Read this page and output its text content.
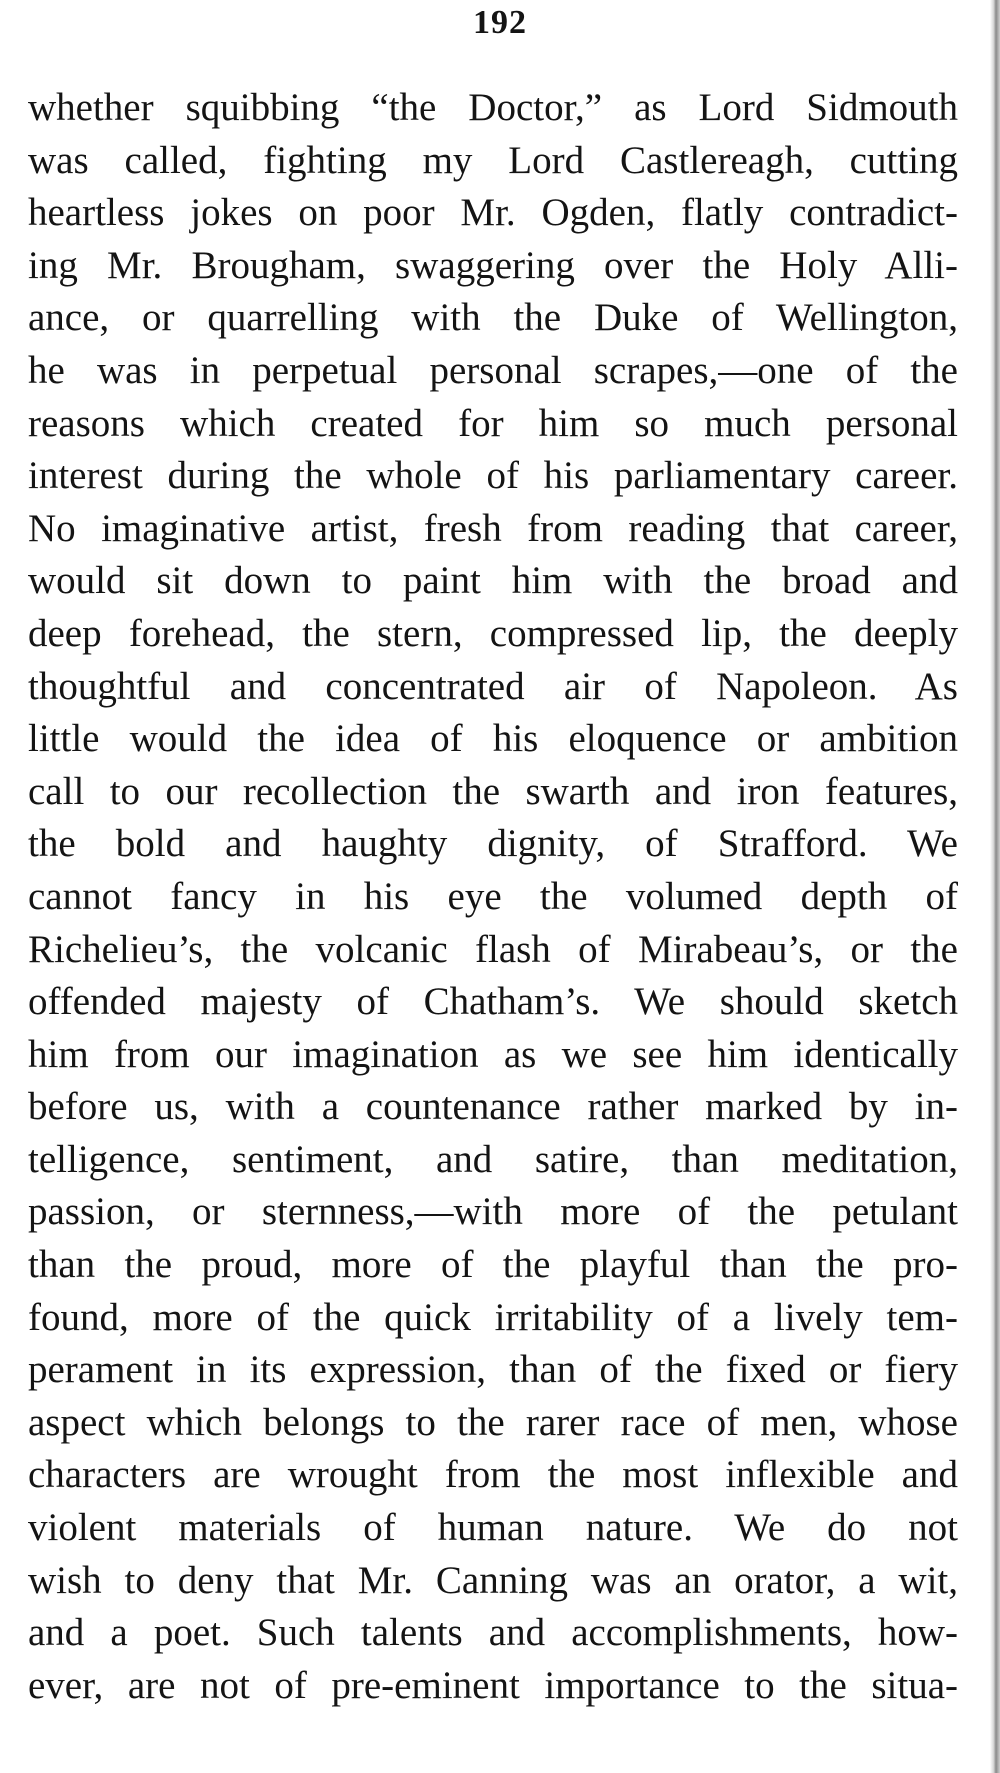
192
whether squibbing “the Doctor,” as Lord Sidmouth
was called, fighting my Lord Castlereagh, cutting
heartless jokes on poor Mr. Ogden, flatly contradict-
ing Mr. Brougham, swaggering over the Holy Alli-
ance, or quarrelling with the Duke of Wellington,
he was in perpetual personal scrapes,—one of the
reasons which created for him so much personal
interest during the whole of his parliamentary career.
No imaginative artist, fresh from reading that career,
would sit down to paint him with the broad and
deep forehead, the stern, compressed lip, the deeply
thoughtful and concentrated air of Napoleon. As
little would the idea of his eloquence or ambition
call to our recollection the swarth and iron features,
the bold and haughty dignity, of Strafford. We
cannot fancy in his eye the volumed depth of
Richelieu’s, the volcanic flash of Mirabeau’s, or the
offended majesty of Chatham’s. We should sketch
him from our imagination as we see him identically
before us, with a countenance rather marked by in-
telligence, sentiment, and satire, than meditation,
passion, or sternness,—with more of the petulant
than the proud, more of the playful than the pro-
found, more of the quick irritability of a lively tem-
perament in its expression, than of the fixed or fiery
aspect which belongs to the rarer race of men, whose
characters are wrought from the most inflexible and
violent materials of human nature. We do not
wish to deny that Mr. Canning was an orator, a wit,
and a poet. Such talents and accomplishments, how-
ever, are not of pre-eminent importance to the situa-
